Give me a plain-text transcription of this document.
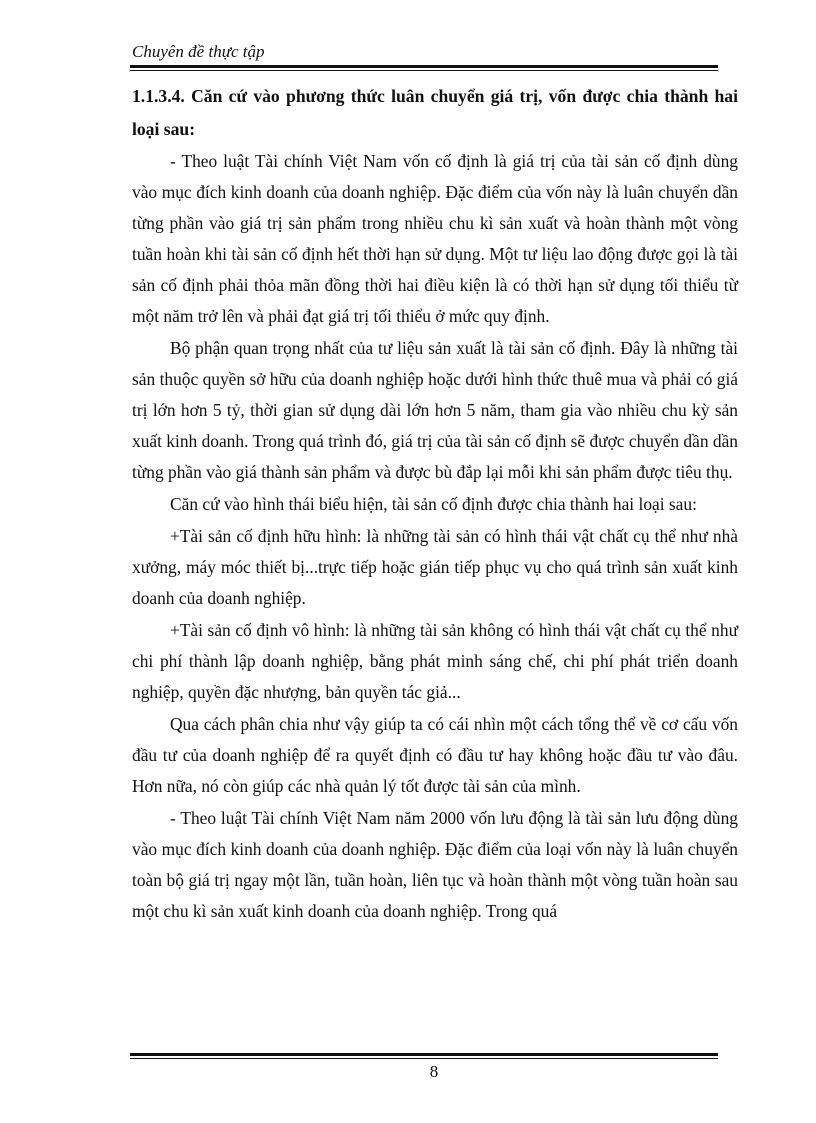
Chuyên đề thực tập

1.1.3.4. Căn cứ vào phương thức luân chuyển giá trị, vốn được chia thành hai loại sau:

- Theo luật Tài chính Việt Nam vốn cố định là giá trị của tài sản cố định dùng vào mục đích kinh doanh của doanh nghiệp. Đặc điểm của vốn này là luân chuyển dần từng phần vào giá trị sản phẩm trong nhiều chu kì sản xuất và hoàn thành một vòng tuần hoàn khi tài sản cố định hết thời hạn sử dụng. Một tư liệu lao động được gọi là tài sản cố định phải thỏa mãn đồng thời hai điều kiện là có thời hạn sử dụng tối thiểu từ một năm trở lên và phải đạt giá trị tối thiểu ở mức quy định.

Bộ phận quan trọng nhất của tư liệu sản xuất là tài sản cố định. Đây là những tài sản thuộc quyền sở hữu của doanh nghiệp hoặc dưới hình thức thuê mua và phải có giá trị lớn hơn 5 tỷ, thời gian sử dụng dài lớn hơn 5 năm, tham gia vào nhiều chu kỳ sản xuất kinh doanh. Trong quá trình đó, giá trị của tài sản cố định sẽ được chuyển dần dần từng phần vào giá thành sản phẩm và được bù đắp lại mỗi khi sản phẩm được tiêu thụ.

Căn cứ vào hình thái biểu hiện, tài sản cố định được chia thành hai loại sau:

+Tài sản cố định hữu hình: là những tài sản có hình thái vật chất cụ thể như nhà xưởng, máy móc thiết bị...trực tiếp hoặc gián tiếp phục vụ cho quá trình sản xuất kinh doanh của doanh nghiệp.

+Tài sản cố định vô hình: là những tài sản không có hình thái vật chất cụ thể như chi phí thành lập doanh nghiệp, bằng phát minh sáng chế, chi phí phát triển doanh nghiệp, quyền đặc nhượng, bản quyền tác giả...

Qua cách phân chia như vậy giúp ta có cái nhìn một cách tổng thể về cơ cấu vốn đầu tư của doanh nghiệp để ra quyết định có đầu tư hay không hoặc đầu tư vào đâu. Hơn nữa, nó còn giúp các nhà quản lý tốt được tài sản của mình.

- Theo luật Tài chính Việt Nam năm 2000 vốn lưu động là tài sản lưu động dùng vào mục đích kinh doanh của doanh nghiệp. Đặc điểm của loại vốn này là luân chuyển toàn bộ giá trị ngay một lần, tuần hoàn, liên tục và hoàn thành một vòng tuần hoàn sau một chu kì sản xuất kinh doanh của doanh nghiệp. Trong quá

8
